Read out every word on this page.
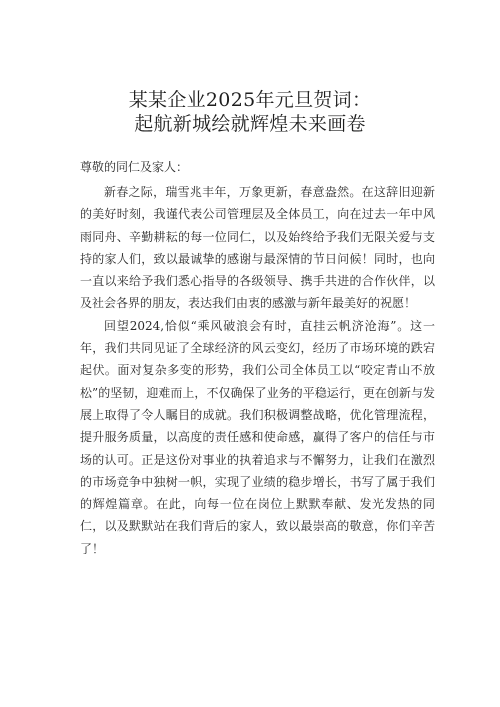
某某企业2025年元旦贺词：
起航新城绘就辉煌未来画卷
尊敬的同仁及家人：

新春之际，瑞雪兆丰年，万象更新，春意盎然。在这辞旧迎新的美好时刻，我谨代表公司管理层及全体员工，向在过去一年中风雨同舟、辛勤耕耘的每一位同仁，以及始终给予我们无限关爱与支持的家人们，致以最诚挚的感谢与最深情的节日问候！同时，也向一直以来给予我们悉心指导的各级领导、携手共进的合作伙伴，以及社会各界的朋友，表达我们由衷的感激与新年最美好的祝愿！

回望2024,恰似“乘风破浪会有时，直挂云帆济沧海”。这一年，我们共同见证了全球经济的风云变幻，经历了市场环境的跌宕起伏。面对复杂多变的形势，我们公司全体员工以“咬定青山不放松”的坚韧，迎难而上，不仅确保了业务的平稳运行，更在创新与发展上取得了令人瞩目的成就。我们积极调整战略，优化管理流程，提升服务质量，以高度的责任感和使命感，赢得了客户的信任与市场的认可。正是这份对事业的执着追求与不懈努力，让我们在激烈的市场竞争中独树一帜，实现了业绩的稳步增长，书写了属于我们的辉煌篇章。在此，向每一位在岗位上默默奉献、发光发热的同仁，以及默默站在我们背后的家人，致以最崇高的敬意，你们辛苦了！
